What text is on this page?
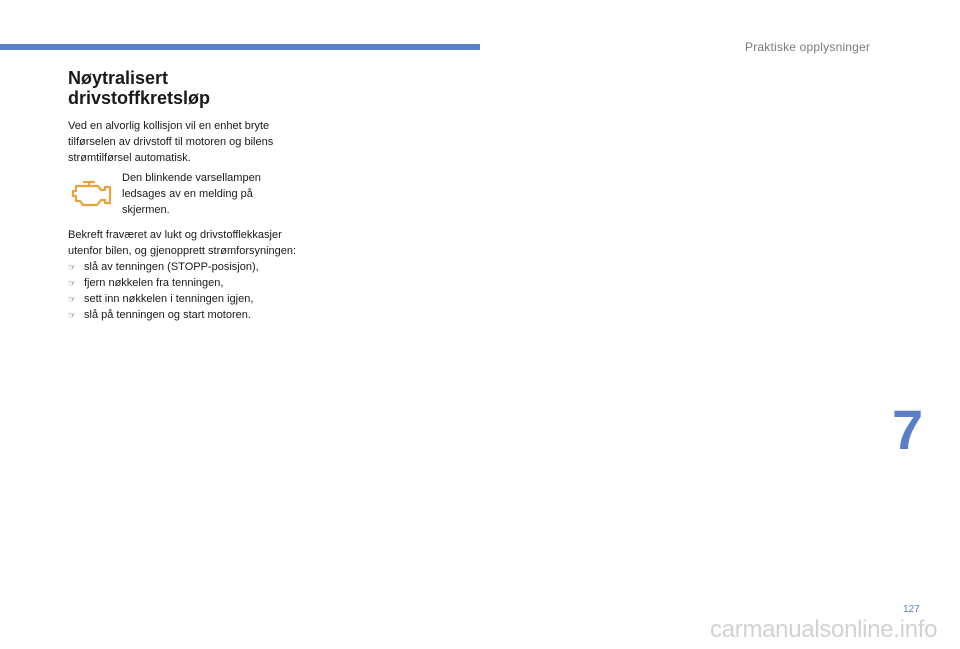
Praktiske opplysninger
Nøytralisert
drivstoffkretsløp

Ved en alvorlig kollisjon vil en enhet bryte
tilførselen av drivstoff til motoren og bilens
strømtilførsel automatisk.

Den blinkende varsellampen
ledsages av en melding på
skjermen.

Bekreft fraværet av lukt og drivstofflekkasjer
utenfor bilen, og gjenopprett strømforsyningen:

☞ slå av tenningen (STOPP-posisjon),
☞ fjern nøkkelen fra tenningen,
☞ sett inn nøkkelen i tenningen igjen,
☞ slå på tenningen og start motoren.
7
127
carmanualsonline.info
